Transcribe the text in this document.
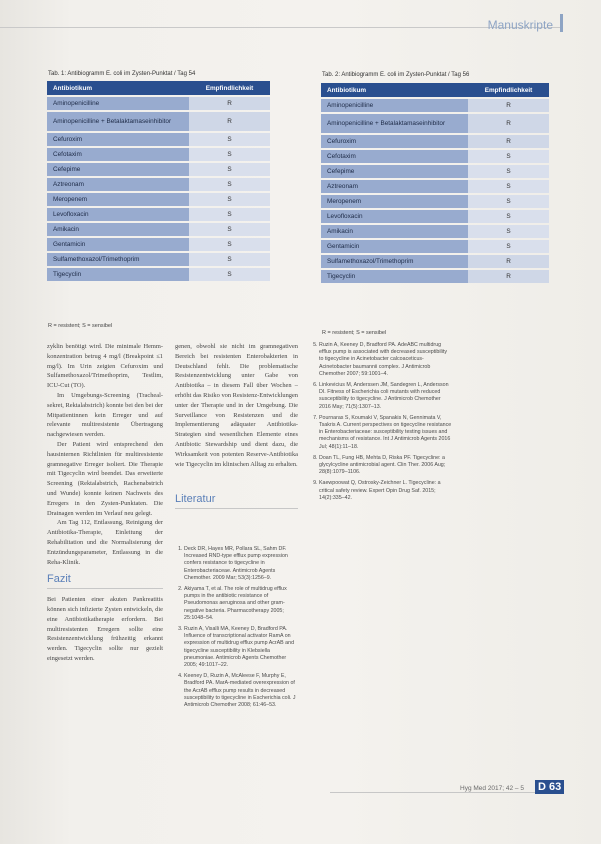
Manuskripte
Tab. 1: Antibiogramm E. coli im Zysten-Punktat / Tag 54
Antibiotikum	Empfindlichkeit
Aminopenicilline	R
Aminopenicilline + Betalaktamaseinhibitor	R
Cefuroxim	S
Cefotaxim	S
Cefepime	S
Aztreonam	S
Meropenem	S
Levofloxacin	S
Amikacin	S
Gentamicin	S
Sulfamethoxazol/Trimethoprim	S
Tigecyclin	S
R = resistent; S = sensibel
Tab. 2: Antibiogramm E. coli im Zysten-Punktat / Tag 56
Antibiotikum	Empfindlichkeit
Aminopenicilline	R
Aminopenicilline + Betalaktamaseinhibitor	R
Cefuroxim	R
Cefotaxim	S
Cefepime	S
Aztreonam	S
Meropenem	S
Levofloxacin	S
Amikacin	S
Gentamicin	S
Sulfamethoxazol/Trimethoprim	R
Tigecyclin	R
R = resistent; S = sensibel

zyklin benötigt wird. Die minimale Hemm-konzentration betrug 4 mg/l (Breakpoint ≤1 mg/l). Im Urin zeigten Cefuroxim und Sulfamethoxazol/Trimethoprim, Testlim, ICU-Cut (TO).

Im Umgebungs-Screening (Tracheal-sekret, Rektalabstrich) konnte bei den bei der Mitpatientinnen kein Erreger und auf relevante multiresistente Übertragung nachgewiesen werden.

Der Patient wird entsprechend den hausinternen Richtlinien für multiresistente gramnegative Erreger isoliert. Die Therapie mit Tigecyclin wird beendet. Das erweiterte Screening (Rektalabstrich, Rachenabstrich und Wunde) konnte keinen Nachweis des Erregers in den Zysten-Punktaten. Die Drainagen werden im Verlauf neu gelegt.

Am Tag 112, Entlassung, Reinigung der Antibiotika-Therapie, Einleitung der Rehabilitation und die Normalisierung der Entzündungsparameter, Entlassung in die Reha-Klinik.

Fazit

Bei Patienten einer akuten Pankreatitis können sich infizierte Zysten entwickeln, die eine Antibiotikatherapie erfordern. Bei multiresistenten Erregern sollte eine Resistenzentwicklung frühzeitig erkannt werden. Tigecyclin sollte nur gezielt eingesetzt werden.

genen, obwohl sie nicht im gramnegativen Bereich bei resistenten Enterobakterien in Deutschland fehlt. Die problematische Resistenzentwicklung unter Gabe von Antibiotika – in diesem Fall über Wochen – erhöht das Risiko von Resistenz-Entwicklungen unter der Therapie und in der Umgebung. Die Surveillance von Resistenzen und die Implementierung adäquater Antibiotika-Strategien sind wesentlichen Elemente eines Antibiotic Stewardship und dient dazu, die Wirksamkeit von potenten Reserve-Antibiotika wie Tigecyclin im klinischen Alltag zu erhalten.

Literatur
1. Deck DR, Hayes MR, Pollara SL, Sahm DF. Increased RND-type efflux pump expression confers resistance to tigecycline in Enterobacteriaceae. Antimicrob Agents Chemother. 2009 Mar; 53(3):1256–9.
2. Akiyama T, et al. The role of multidrug efflux pumps in the antibiotic resistance of Pseudomonas aeruginosa and other gram-negative bacteria. Pharmacotherapy 2005; 25:1048–54.
3. Ruzin A, Visalli MA, Keeney D, Bradford PA. Influence of transcriptional activator RamA on expression of multidrug efflux pump AcrAB and tigecycline susceptibility in Klebsiella pneumoniae. Antimicrob Agents Chemother 2005; 49:1017–22.
4. Keeney D, Ruzin A, McAleese F, Murphy E, Bradford PA. MarA-mediated overexpression of the AcrAB efflux pump results in decreased susceptibility to tigecycline in Escherichia coli. J Antimicrob Chemother 2008; 61:46–53.
5. Ruzin A, Keeney D, Bradford PA. AdeABC multidrug efflux pump is associated with decreased susceptibility to tigecycline in Acinetobacter calcoaceticus-Acinetobacter baumannii complex. J Antimicrob Chemother 2007; 59:1001–4.
6. Linkevicius M, Anderssen JM, Sandegren L, Andersson DI. Fitness of Escherichia coli mutants with reduced susceptibility to tigecycline. J Antimicrob Chemother 2016 May; 71(5):1307–13.
7. Pournaras S, Koumaki V, Spanakis N, Gennimata V, Tsakris A. Current perspectives on tigecycline resistance in Enterobacteriaceae: susceptibility testing issues and mechanisms of resistance. Int J Antimicrob Agents 2016 Jul; 48(1):11–18.
8. Doan TL, Fung HB, Mehta D, Riska PF. Tigecycline: a glycylcycline antimicrobial agent. Clin Ther. 2006 Aug; 28(8):1079–1106.
9. Kaewpoowat Q, Ostrosky-Zeichner L. Tigecycline: a critical safety review. Expert Opin Drug Saf. 2015; 14(2):335–42.
Hyg Med 2017; 42 – 5 D 63
